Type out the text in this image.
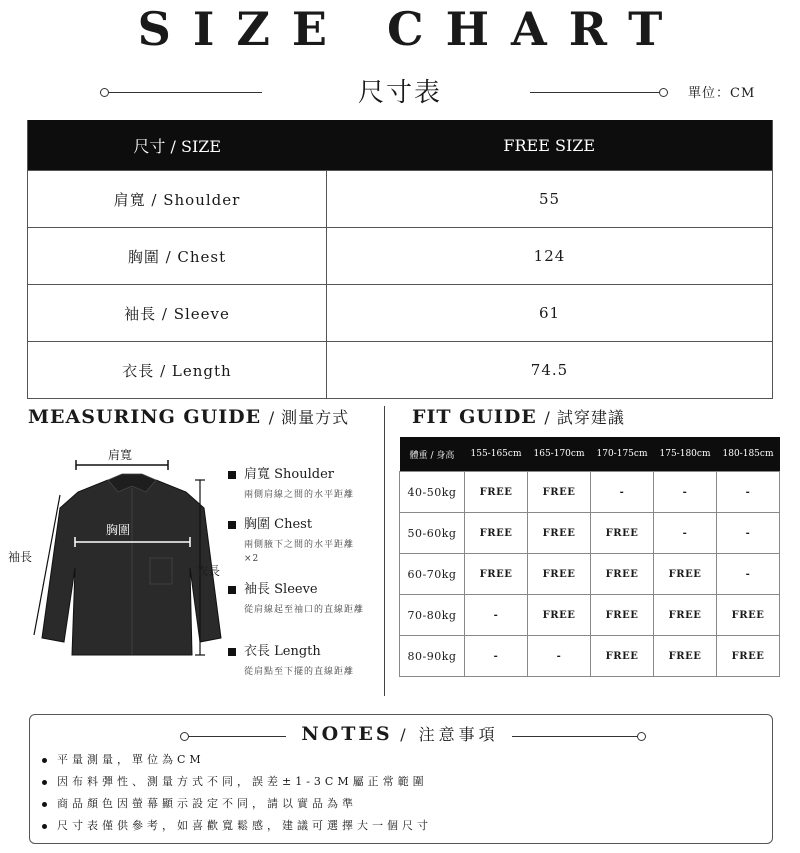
SIZE CHART
尺寸表	單位：CM
尺寸 / SIZE	FREE SIZE
肩寬 / Shoulder	55
胸圍 / Chest	124
袖長 / Sleeve	61
衣長 / Length	74.5
MEASURING GUIDE / 測量方式
肩寬
胸圍
袖長
衣長
肩寬 Shoulder
兩側肩線之間的水平距離
胸圍 Chest
兩側腋下之間的水平距離
×2
袖長 Sleeve
從肩線起至袖口的直線距離
衣長 Length
從肩點至下擺的直線距離
FIT GUIDE / 試穿建議
體重 / 身高	155-165cm	165-170cm	170-175cm	175-180cm	180-185cm
40-50kg	FREE	FREE	-	-	-
50-60kg	FREE	FREE	FREE	-	-
60-70kg	FREE	FREE	FREE	FREE	-
70-80kg	-	FREE	FREE	FREE	FREE
80-90kg	-	-	FREE	FREE	FREE
NOTES / 注意事項
平量測量，單位為CM
因布料彈性、測量方式不同，誤差±1-3CM屬正常範圍
商品顏色因螢幕顯示設定不同，請以實品為準
尺寸表僅供參考，如喜歡寬鬆感，建議可選擇大一個尺寸
